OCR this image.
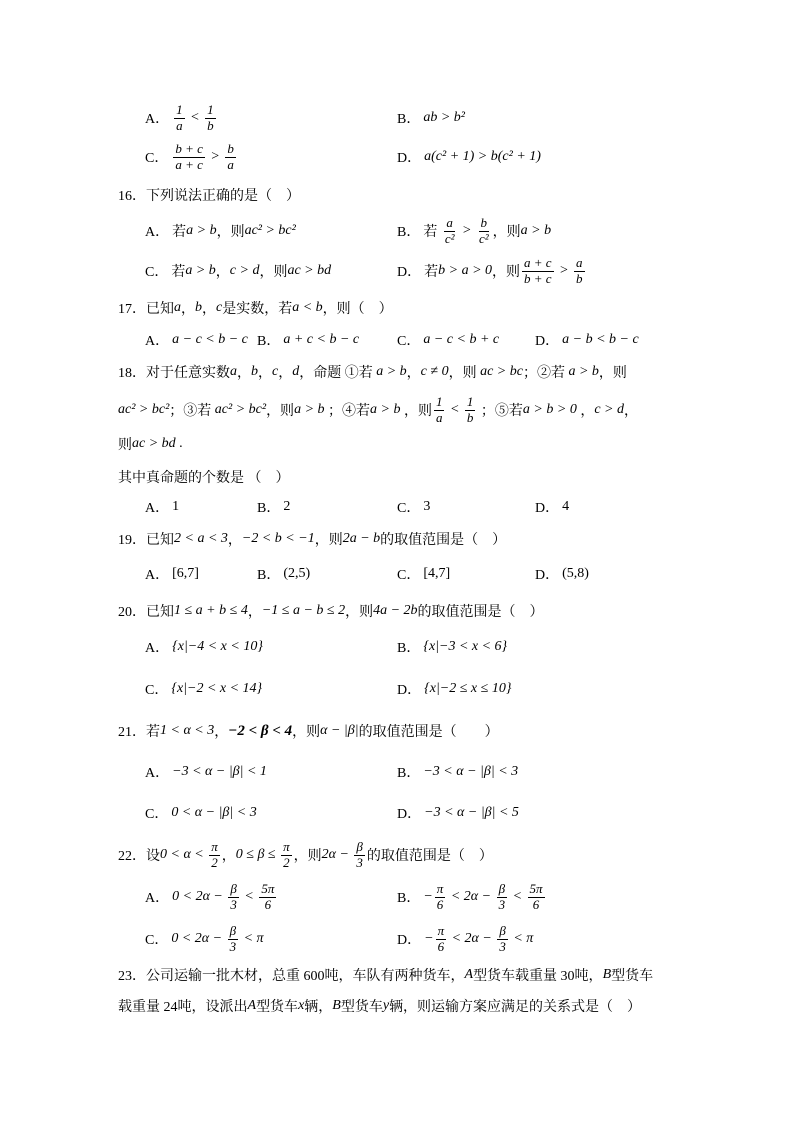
A． $\frac{1}{a} < \frac{1}{b}$	B． ab > b²
C． $\frac{b + c}{a + c} > \frac{b}{a}$	D． a(c² + 1) > b(c² + 1)
16． 下列说法正确的是（　）
A． 若 a > b ，则 ac² > bc²	B． 若 $\frac{a}{\text{c²}} > \frac{b}{\text{c²}}$ ，则 a > b
C． 若 a > b ， c > d ，则 ac > bd	D． 若 b > a > 0 ，则 $\frac{a + c}{b + c} > \frac{a}{b}$
17． 已知 a ， b ， c 是实数，若 a < b ，则（　）
A． a − c < b − c B． a + c < b − c	C． a − c < b + c	D． a − b < b − c
18． 对于任意实数 a ， b ， c ， d ，命题 ①若 a > b ， c ≠ 0 ，则 ac > bc ；②若 a > b ，则
ac² > bc² ；③若 ac² > bc² ，则 a > b ；④若 a > b ，则 $\frac{1}{a} < \frac{1}{b}$ ；⑤若 a > b > 0 ， c > d ，
则 ac > bd .
其中真命题的个数是 （　）
A． 1	B． 2	C． 3	D． 4
19． 已知 2 < a < 3 ， −2 < b < −1 ，则 2a − b 的取值范围是（　）
A． [6,7]	B． (2,5)	C． [4,7]	D． (5,8)
20． 已知 1 ≤ a + b ≤ 4 ， −1 ≤ a − b ≤ 2 ，则 4a − 2b 的取值范围是（　）
A． {x|−4 < x < 10}	B． {x|−3 < x < 6}
C． {x|−2 < x < 14}	D． {x|−2 ≤ x ≤ 10}
21． 若 1 < α < 3 ， −2 < β < 4 ，则 α − |β| 的取值范围是（　　）
A． −3 < α − |β| < 1	B． −3 < α − |β| < 3
C． 0 < α − |β| < 3	D． −3 < α − |β| < 5
22． 设 $0 < \alpha < \frac{\pi}{2}$ ， $0 \le \beta \le \frac{\pi}{2}$ ，则 $2\alpha - \frac{\beta}{3}$ 的取值范围是（　）
A． $0 < 2\alpha - \frac{\beta}{3} < \frac{5\pi}{6}$	B． − $\frac{\pi}{6} < 2\alpha - \frac{\beta}{3} < \frac{5\pi}{6}$
C． $0 < 2\alpha - \frac{\beta}{3} < \pi$	D． − $\frac{\pi}{6} < 2\alpha - \frac{\beta}{3} < \pi$
23． 公司运输一批木材，总重 600吨，车队有两种货车， A 型货车载重量 30吨， B 型货车
载重量 24吨，设派出 A 型货车 x 辆， B 型货车 y 辆，则运输方案应满足的关系式是（　）
